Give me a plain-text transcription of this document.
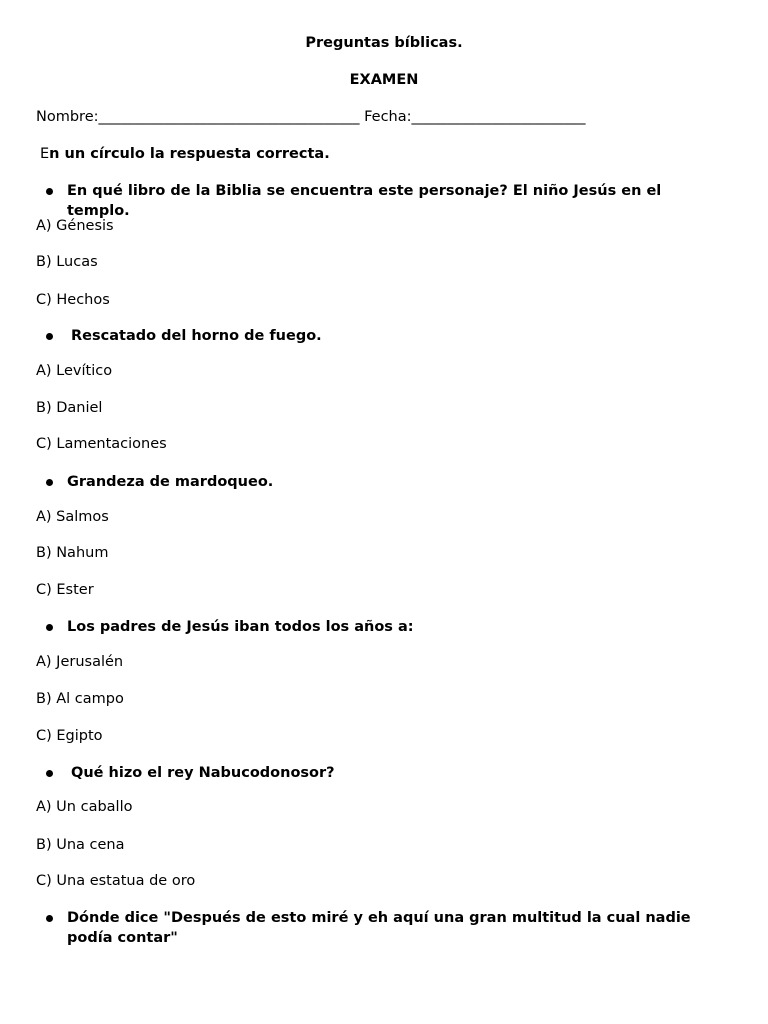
Preguntas bíblicas.
EXAMEN
Nombre:____________________________________ Fecha:________________________
En un círculo la respuesta correcta.
En qué libro de la Biblia se encuentra este personaje? El niño Jesús en el templo.
A) Génesis
B) Lucas
C) Hechos
Rescatado del horno de fuego.
A) Levítico
B) Daniel
C) Lamentaciones
Grandeza de mardoqueo.
A) Salmos
B) Nahum
C) Ester
Los padres de Jesús iban todos los años a:
A) Jerusalén
B) Al campo
C) Egipto
Qué hizo el rey Nabucodonosor?
A) Un caballo
B) Una cena
C) Una estatua de oro
Dónde dice "Después de esto miré y eh aquí una gran multitud la cual nadie podía contar"
